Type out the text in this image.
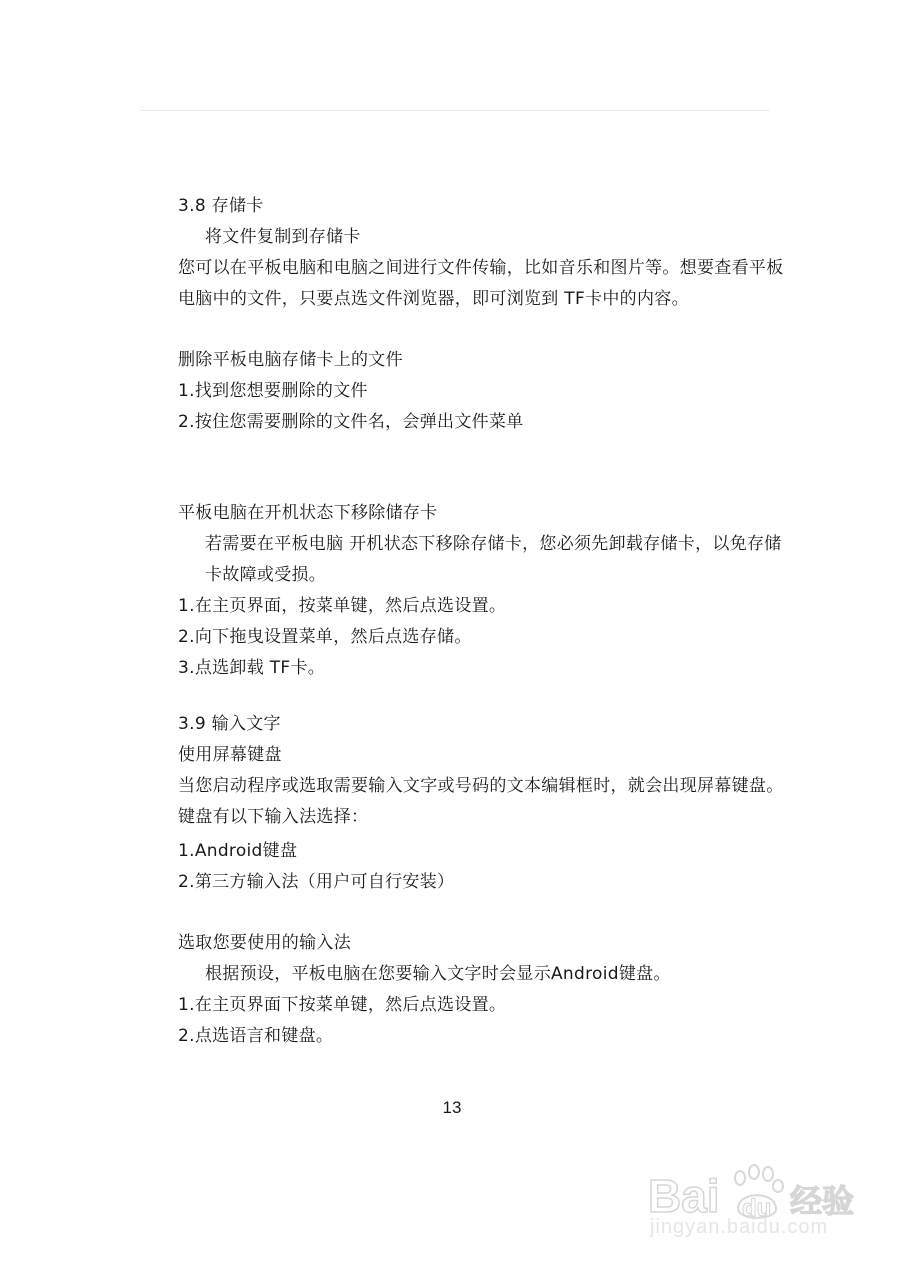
3.8 存储卡
将文件复制到存储卡
您可以在平板电脑和电脑之间进行文件传输，比如音乐和图片等。想要查看平板
电脑中的文件，只要点选文件浏览器，即可浏览到 TF卡中的内容。
删除平板电脑存储卡上的文件
1.找到您想要删除的文件
2.按住您需要删除的文件名，会弹出文件菜单
平板电脑在开机状态下移除储存卡
若需要在平板电脑 开机状态下移除存储卡，您必须先卸载存储卡，以免存储
卡故障或受损。
1.在主页界面，按菜单键，然后点选设置。
2.向下拖曳设置菜单，然后点选存储。
3.点选卸载 TF卡。
3.9 输入文字
使用屏幕键盘
当您启动程序或选取需要输入文字或号码的文本编辑框时，就会出现屏幕键盘。
键盘有以下输入法选择：
1.Android键盘
2.第三方输入法（用户可自行安装）
选取您要使用的输入法
根据预设，平板电脑在您要输入文字时会显示Android键盘。
1.在主页界面下按菜单键，然后点选设置。
2.点选语言和键盘。
13
Bai du 经验
jingyan.baidu.com
